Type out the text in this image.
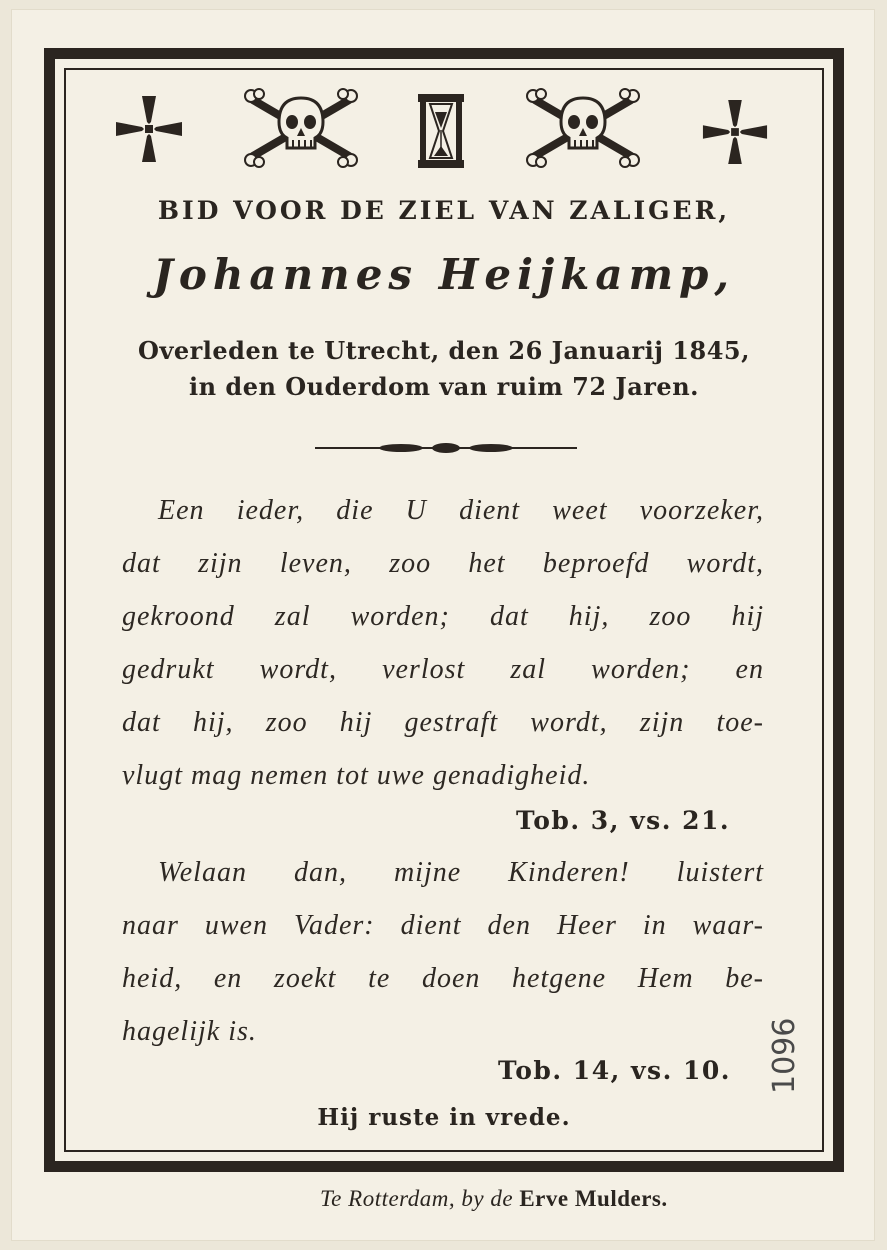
BID VOOR DE ZIEL VAN ZALIGER,
Johannes Heijkamp,
Overleden te Utrecht, den 26 Januarij 1845,
in den Ouderdom van ruim 72 Jaren.
Een ieder, die U dient weet voorzeker,
dat zijn leven, zoo het beproefd wordt,
gekroond zal worden; dat hij, zoo hij
gedrukt wordt, verlost zal worden; en
dat hij, zoo hij gestraft wordt, zijn toe-
vlugt mag nemen tot uwe genadigheid.
Tob. 3, vs. 21.
Welaan dan, mijne Kinderen! luistert
naar uwen Vader: dient den Heer in waar-
heid, en zoekt te doen hetgene Hem be-
hagelijk is.
Tob. 14, vs. 10.
Hij ruste in vrede.
Te Rotterdam, by de Erve Mulders.
1096
